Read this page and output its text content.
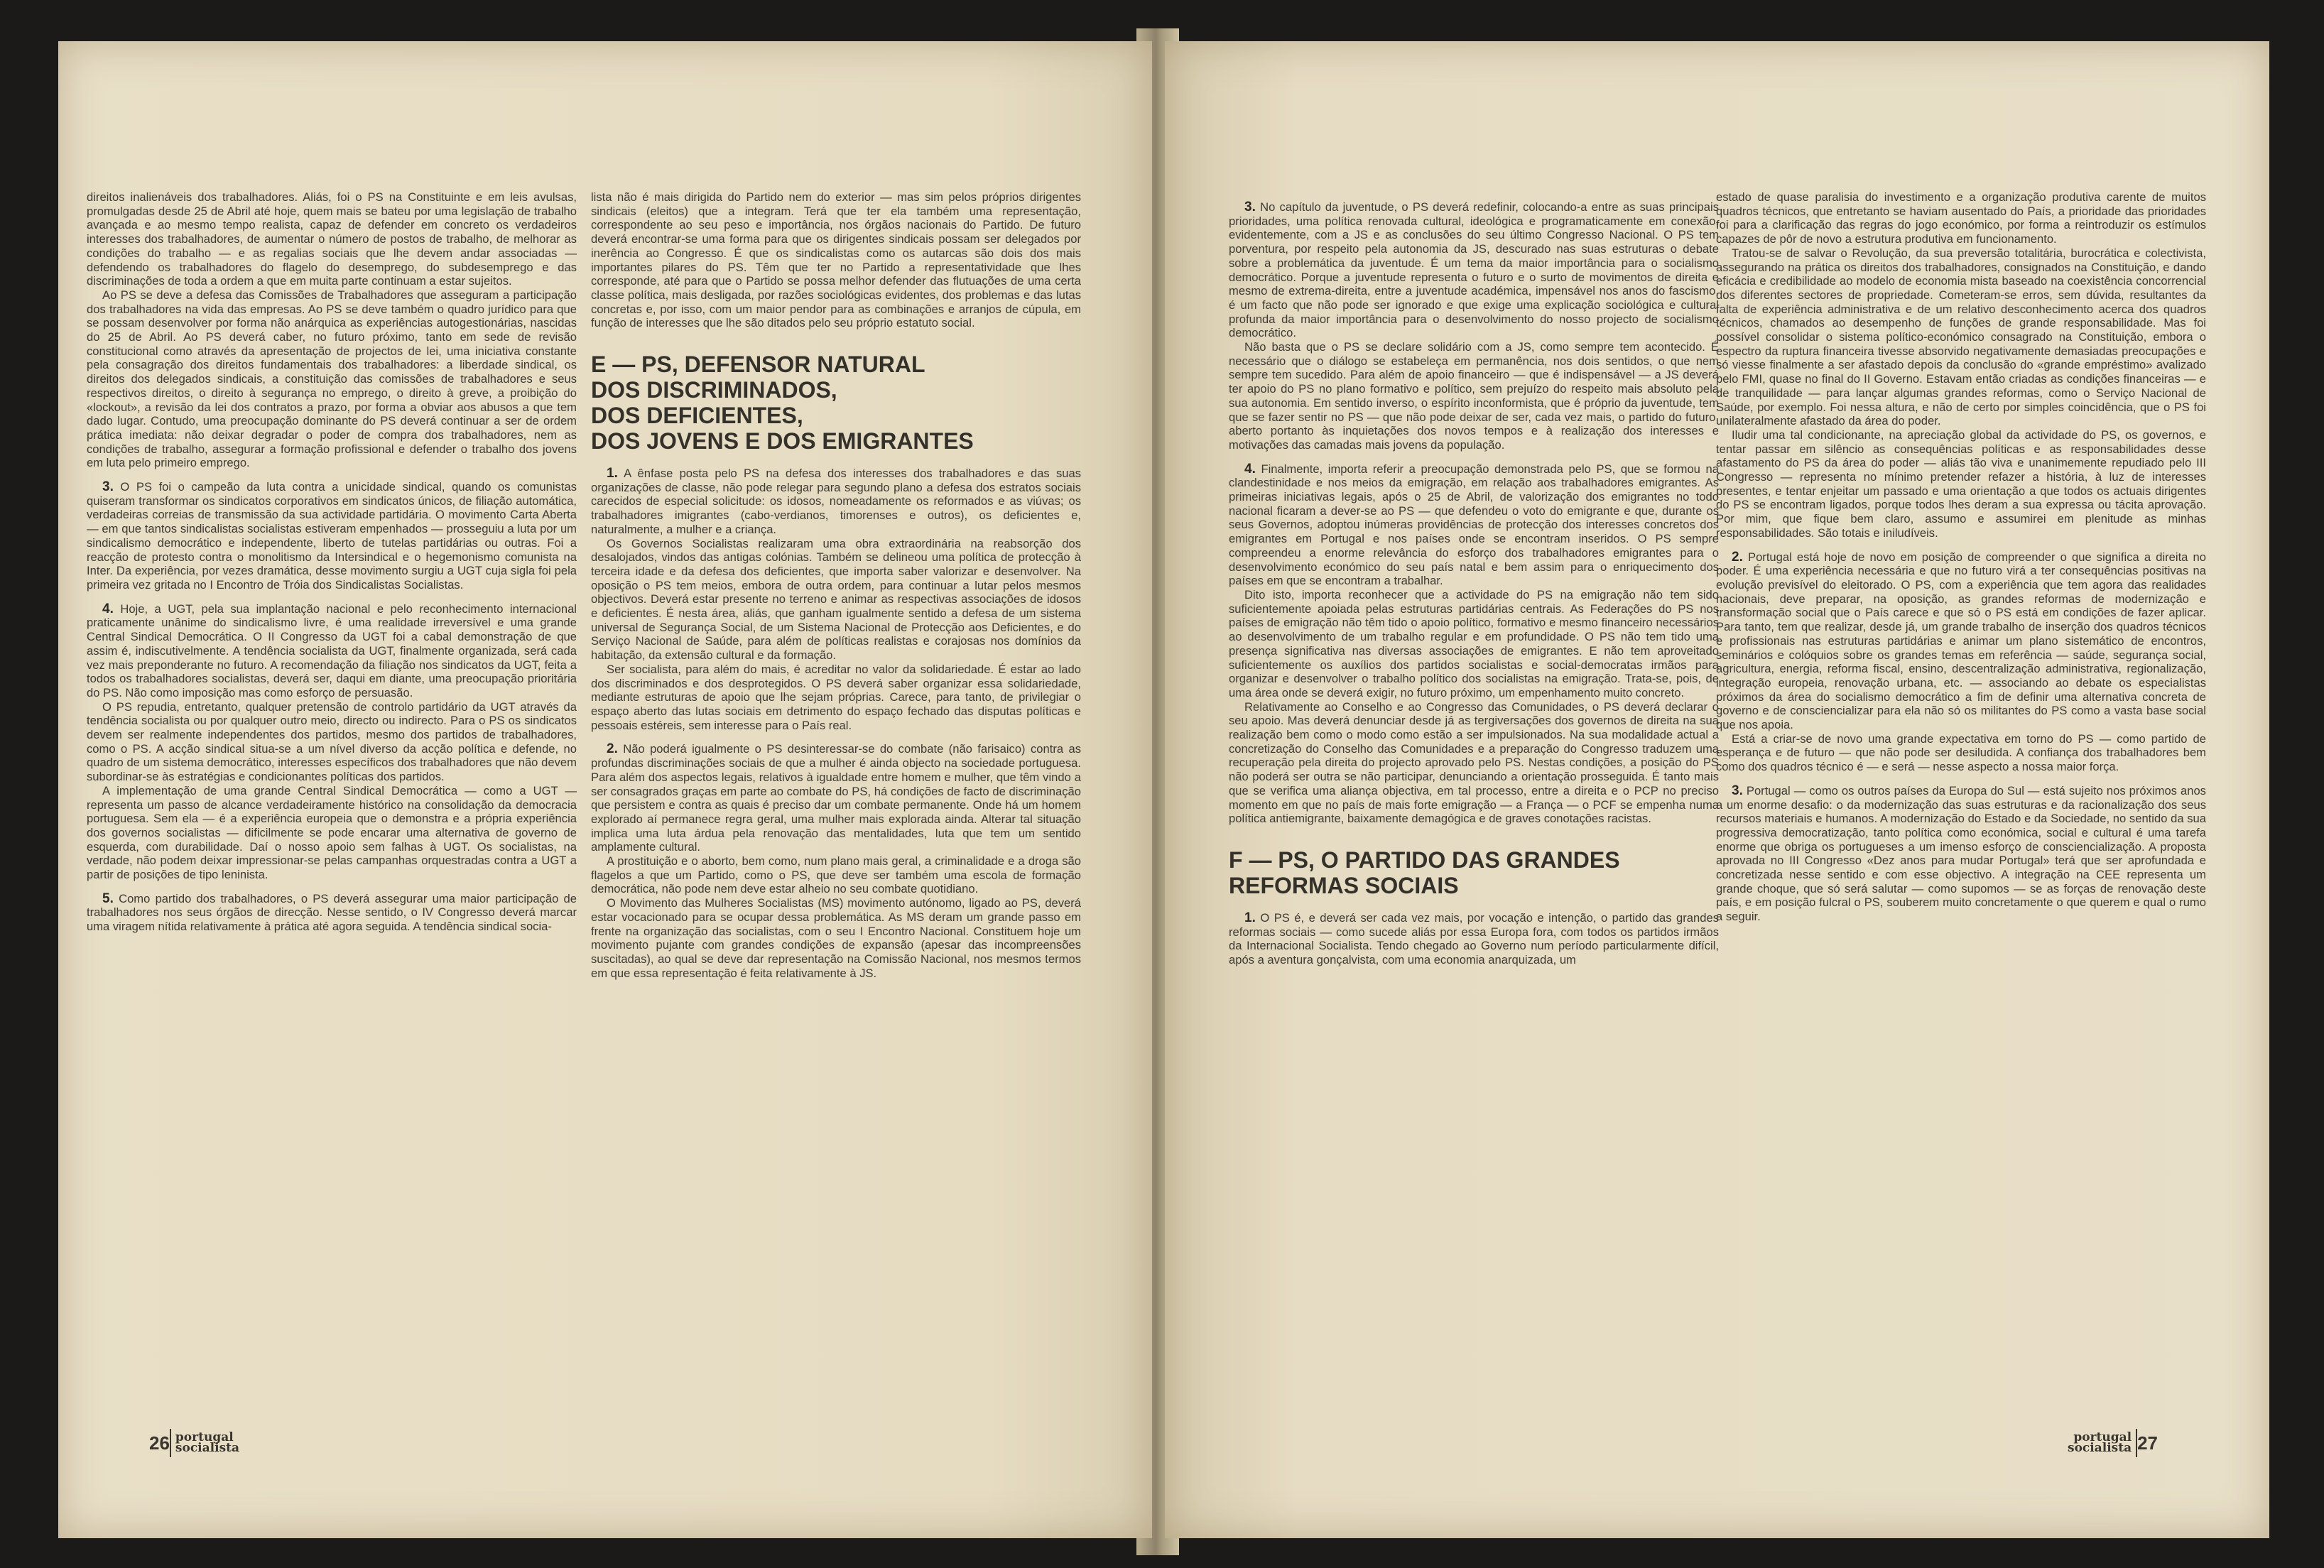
direitos inalienáveis dos trabalhadores. Aliás, foi o PS na Constituinte e em leis avulsas, promulgadas desde 25 de Abril até hoje, quem mais se bateu por uma legislação de trabalho avançada e ao mesmo tempo realista, capaz de defender em concreto os verdadeiros interesses dos trabalhadores, de aumentar o número de postos de trabalho, de melhorar as condições do trabalho — e as regalias sociais que lhe devem andar associadas — defendendo os trabalhadores do flagelo do desemprego, do subdesemprego e das discriminações de toda a ordem a que em muita parte continuam a estar sujeitos.

Ao PS se deve a defesa das Comissões de Trabalhadores que asseguram a participação dos trabalhadores na vida das empresas. Ao PS se deve também o quadro jurídico para que se possam desenvolver por forma não anárquica as experiências autogestionárias, nascidas do 25 de Abril. Ao PS deverá caber, no futuro próximo, tanto em sede de revisão constitucional como através da apresentação de projectos de lei, uma iniciativa constante pela consagração dos direitos fundamentais dos trabalhadores: a liberdade sindical, os direitos dos delegados sindicais, a constituição das comissões de trabalhadores e seus respectivos direitos, o direito à segurança no emprego, o direito à greve, a proibição do «lockout», a revisão da lei dos contratos a prazo, por forma a obviar aos abusos a que tem dado lugar. Contudo, uma preocupação dominante do PS deverá continuar a ser de ordem prática imediata: não deixar degradar o poder de compra dos trabalhadores, nem as condições de trabalho, assegurar a formação profissional e defender o trabalho dos jovens em luta pelo primeiro emprego.

3. O PS foi o campeão da luta contra a unicidade sindical, quando os comunistas quiseram transformar os sindicatos corporativos em sindicatos únicos, de filiação automática, verdadeiras correias de transmissão da sua actividade partidária. O movimento Carta Aberta — em que tantos sindicalistas socialistas estiveram empenhados — prosseguiu a luta por um sindicalismo democrático e independente, liberto de tutelas partidárias ou outras. Foi a reacção de protesto contra o monolitismo da Intersindical e o hegemonismo comunista na Inter. Da experiência, por vezes dramática, desse movimento surgiu a UGT cuja sigla foi pela primeira vez gritada no I Encontro de Tróia dos Sindicalistas Socialistas.

4. Hoje, a UGT, pela sua implantação nacional e pelo reconhecimento internacional praticamente unânime do sindicalismo livre, é uma realidade irreversível e uma grande Central Sindical Democrática. O II Congresso da UGT foi a cabal demonstração de que assim é, indiscutivelmente. A tendência socialista da UGT, finalmente organizada, será cada vez mais preponderante no futuro. A recomendação da filiação nos sindicatos da UGT, feita a todos os trabalhadores socialistas, deverá ser, daqui em diante, uma preocupação prioritária do PS. Não como imposição mas como esforço de persuasão.

O PS repudia, entretanto, qualquer pretensão de controlo partidário da UGT através da tendência socialista ou por qualquer outro meio, directo ou indirecto. Para o PS os sindicatos devem ser realmente independentes dos partidos, mesmo dos partidos de trabalhadores, como o PS. A acção sindical situa-se a um nível diverso da acção política e defende, no quadro de um sistema democrático, interesses específicos dos trabalhadores que não devem subordinar-se às estratégias e condicionantes políticas dos partidos.

A implementação de uma grande Central Sindical Democrática — como a UGT — representa um passo de alcance verdadeiramente histórico na consolidação da democracia portuguesa. Sem ela — é a experiência europeia que o demonstra e a própria experiência dos governos socialistas — dificilmente se pode encarar uma alternativa de governo de esquerda, com durabilidade. Daí o nosso apoio sem falhas à UGT. Os socialistas, na verdade, não podem deixar impressionar-se pelas campanhas orquestradas contra a UGT a partir de posições de tipo leninista.

5. Como partido dos trabalhadores, o PS deverá assegurar uma maior participação de trabalhadores nos seus órgãos de direcção. Nesse sentido, o IV Congresso deverá marcar uma viragem nítida relativamente à prática até agora seguida. A tendência sindical socia-

lista não é mais dirigida do Partido nem do exterior — mas sim pelos próprios dirigentes sindicais (eleitos) que a integram. Terá que ter ela também uma representação, correspondente ao seu peso e importância, nos órgãos nacionais do Partido. De futuro deverá encontrar-se uma forma para que os dirigentes sindicais possam ser delegados por inerência ao Congresso. É que os sindicalistas como os autarcas são dois dos mais importantes pilares do PS. Têm que ter no Partido a representatividade que lhes corresponde, até para que o Partido se possa melhor defender das flutuações de uma certa classe política, mais desligada, por razões sociológicas evidentes, dos problemas e das lutas concretas e, por isso, com um maior pendor para as combinações e arranjos de cúpula, em função de interesses que lhe são ditados pelo seu próprio estatuto social.

E — PS, DEFENSOR NATURAL
DOS DISCRIMINADOS,
DOS DEFICIENTES,
DOS JOVENS E DOS EMIGRANTES

1. A ênfase posta pelo PS na defesa dos interesses dos trabalhadores e das suas organizações de classe, não pode relegar para segundo plano a defesa dos estratos sociais carecidos de especial solicitude: os idosos, nomeadamente os reformados e as viúvas; os trabalhadores imigrantes (cabo-verdianos, timorenses e outros), os deficientes e, naturalmente, a mulher e a criança.

Os Governos Socialistas realizaram uma obra extraordinária na reabsorção dos desalojados, vindos das antigas colónias. Também se delineou uma política de protecção à terceira idade e da defesa dos deficientes, que importa saber valorizar e desenvolver. Na oposição o PS tem meios, embora de outra ordem, para continuar a lutar pelos mesmos objectivos. Deverá estar presente no terreno e animar as respectivas associações de idosos e deficientes. É nesta área, aliás, que ganham igualmente sentido a defesa de um sistema universal de Segurança Social, de um Sistema Nacional de Protecção aos Deficientes, e do Serviço Nacional de Saúde, para além de políticas realistas e corajosas nos domínios da habitação, da extensão cultural e da formação.

Ser socialista, para além do mais, é acreditar no valor da solidariedade. É estar ao lado dos discriminados e dos desprotegidos. O PS deverá saber organizar essa solidariedade, mediante estruturas de apoio que lhe sejam próprias. Carece, para tanto, de privilegiar o espaço aberto das lutas sociais em detrimento do espaço fechado das disputas políticas e pessoais estéreis, sem interesse para o País real.

2. Não poderá igualmente o PS desinteressar-se do combate (não farisaico) contra as profundas discriminações sociais de que a mulher é ainda objecto na sociedade portuguesa. Para além dos aspectos legais, relativos à igualdade entre homem e mulher, que têm vindo a ser consagrados graças em parte ao combate do PS, há condições de facto de discriminação que persistem e contra as quais é preciso dar um combate permanente. Onde há um homem explorado aí permanece regra geral, uma mulher mais explorada ainda. Alterar tal situação implica uma luta árdua pela renovação das mentalidades, luta que tem um sentido amplamente cultural.

A prostituição e o aborto, bem como, num plano mais geral, a criminalidade e a droga são flagelos a que um Partido, como o PS, que deve ser também uma escola de formação democrática, não pode nem deve estar alheio no seu combate quotidiano.

O Movimento das Mulheres Socialistas (MS) movimento autónomo, ligado ao PS, deverá estar vocacionado para se ocupar dessa problemática. As MS deram um grande passo em frente na organização das socialistas, com o seu I Encontro Nacional. Constituem hoje um movimento pujante com grandes condições de expansão (apesar das incompreensões suscitadas), ao qual se deve dar representação na Comissão Nacional, nos mesmos termos em que essa representação é feita relativamente à JS.

3. No capítulo da juventude, o PS deverá redefinir, colocando-a entre as suas principais prioridades, uma política renovada cultural, ideológica e programaticamente em conexão, evidentemente, com a JS e as conclusões do seu último Congresso Nacional. O PS tem porventura, por respeito pela autonomia da JS, descurado nas suas estruturas o debate sobre a problemática da juventude. É um tema da maior importância para o socialismo democrático. Porque a juventude representa o futuro e o surto de movimentos de direita e mesmo de extrema-direita, entre a juventude académica, impensável nos anos do fascismo, é um facto que não pode ser ignorado e que exige uma explicação sociológica e cultural profunda da maior importância para o desenvolvimento do nosso projecto de socialismo democrático.

Não basta que o PS se declare solidário com a JS, como sempre tem acontecido. É necessário que o diálogo se estabeleça em permanência, nos dois sentidos, o que nem sempre tem sucedido. Para além de apoio financeiro — que é indispensável — a JS deverá ter apoio do PS no plano formativo e político, sem prejuízo do respeito mais absoluto pela sua autonomia. Em sentido inverso, o espírito inconformista, que é próprio da juventude, tem que se fazer sentir no PS — que não pode deixar de ser, cada vez mais, o partido do futuro, aberto portanto às inquietações dos novos tempos e à realização dos interesses e motivações das camadas mais jovens da população.

4. Finalmente, importa referir a preocupação demonstrada pelo PS, que se formou na clandestinidade e nos meios da emigração, em relação aos trabalhadores emigrantes. As primeiras iniciativas legais, após o 25 de Abril, de valorização dos emigrantes no todo nacional ficaram a dever-se ao PS — que defendeu o voto do emigrante e que, durante os seus Governos, adoptou inúmeras providências de protecção dos interesses concretos dos emigrantes em Portugal e nos países onde se encontram inseridos. O PS sempre compreendeu a enorme relevância do esforço dos trabalhadores emigrantes para o desenvolvimento económico do seu país natal e bem assim para o enriquecimento dos países em que se encontram a trabalhar.

Dito isto, importa reconhecer que a actividade do PS na emigração não tem sido suficientemente apoiada pelas estruturas partidárias centrais. As Federações do PS nos países de emigração não têm tido o apoio político, formativo e mesmo financeiro necessários ao desenvolvimento de um trabalho regular e em profundidade. O PS não tem tido uma presença significativa nas diversas associações de emigrantes. E não tem aproveitado suficientemente os auxílios dos partidos socialistas e social-democratas irmãos para organizar e desenvolver o trabalho político dos socialistas na emigração. Trata-se, pois, de uma área onde se deverá exigir, no futuro próximo, um empenhamento muito concreto.

Relativamente ao Conselho e ao Congresso das Comunidades, o PS deverá declarar o seu apoio. Mas deverá denunciar desde já as tergiversações dos governos de direita na sua realização bem como o modo como estão a ser impulsionados. Na sua modalidade actual a concretização do Conselho das Comunidades e a preparação do Congresso traduzem uma recuperação pela direita do projecto aprovado pelo PS. Nestas condições, a posição do PS não poderá ser outra se não participar, denunciando a orientação prosseguida. É tanto mais que se verifica uma aliança objectiva, em tal processo, entre a direita e o PCP no preciso momento em que no país de mais forte emigração — a França — o PCF se empenha numa política antiemigrante, baixamente demagógica e de graves conotações racistas.

F — PS, O PARTIDO DAS GRANDES
REFORMAS SOCIAIS

1. O PS é, e deverá ser cada vez mais, por vocação e intenção, o partido das grandes reformas sociais — como sucede aliás por essa Europa fora, com todos os partidos irmãos da Internacional Socialista. Tendo chegado ao Governo num período particularmente difícil, após a aventura gonçalvista, com uma economia anarquizada, um

estado de quase paralisia do investimento e a organização produtiva carente de muitos quadros técnicos, que entretanto se haviam ausentado do País, a prioridade das prioridades foi para a clarificação das regras do jogo económico, por forma a reintroduzir os estímulos capazes de pôr de novo a estrutura produtiva em funcionamento.

Tratou-se de salvar o Revolução, da sua preversão totalitária, burocrática e colectivista, assegurando na prática os direitos dos trabalhadores, consignados na Constituição, e dando eficácia e credibilidade ao modelo de economia mista baseado na coexistência concorrencial dos diferentes sectores de propriedade. Cometeram-se erros, sem dúvida, resultantes da falta de experiência administrativa e de um relativo desconhecimento acerca dos quadros técnicos, chamados ao desempenho de funções de grande responsabilidade. Mas foi possível consolidar o sistema político-económico consagrado na Constituição, embora o espectro da ruptura financeira tivesse absorvido negativamente demasiadas preocupações e só viesse finalmente a ser afastado depois da conclusão do «grande empréstimo» avalizado pelo FMI, quase no final do II Governo. Estavam então criadas as condições financeiras — e de tranquilidade — para lançar algumas grandes reformas, como o Serviço Nacional de Saúde, por exemplo. Foi nessa altura, e não de certo por simples coincidência, que o PS foi unilateralmente afastado da área do poder.

Iludir uma tal condicionante, na apreciação global da actividade do PS, os governos, e tentar passar em silêncio as consequências políticas e as responsabilidades desse afastamento do PS da área do poder — aliás tão viva e unanimemente repudiado pelo III Congresso — representa no mínimo pretender refazer a história, à luz de interesses presentes, e tentar enjeitar um passado e uma orientação a que todos os actuais dirigentes do PS se encontram ligados, porque todos lhes deram a sua expressa ou tácita aprovação. Por mim, que fique bem claro, assumo e assumirei em plenitude as minhas responsabilidades. São totais e iniludíveis.

2. Portugal está hoje de novo em posição de compreender o que significa a direita no poder. É uma experiência necessária e que no futuro virá a ter consequências positivas na evolução previsível do eleitorado. O PS, com a experiência que tem agora das realidades nacionais, deve preparar, na oposição, as grandes reformas de modernização e transformação social que o País carece e que só o PS está em condições de fazer aplicar. Para tanto, tem que realizar, desde já, um grande trabalho de inserção dos quadros técnicos e profissionais nas estruturas partidárias e animar um plano sistemático de encontros, seminários e colóquios sobre os grandes temas em referência — saúde, segurança social, agricultura, energia, reforma fiscal, ensino, descentralização administrativa, regionalização, integração europeia, renovação urbana, etc. — associando ao debate os especialistas próximos da área do socialismo democrático a fim de definir uma alternativa concreta de governo e de consciencializar para ela não só os militantes do PS como a vasta base social que nos apoia.

Está a criar-se de novo uma grande expectativa em torno do PS — como partido de esperança e de futuro — que não pode ser desiludida. A confiança dos trabalhadores bem como dos quadros técnico é — e será — nesse aspecto a nossa maior força.

3. Portugal — como os outros países da Europa do Sul — está sujeito nos próximos anos a um enorme desafio: o da modernização das suas estruturas e da racionalização dos seus recursos materiais e humanos. A modernização do Estado e da Sociedade, no sentido da sua progressiva democratização, tanto política como económica, social e cultural é uma tarefa enorme que obriga os portugueses a um imenso esforço de consciencialização. A proposta aprovada no III Congresso «Dez anos para mudar Portugal» terá que ser aprofundada e concretizada nesse sentido e com esse objectivo. A integração na CEE representa um grande choque, que só será salutar — como supomos — se as forças de renovação deste país, e em posição fulcral o PS, souberem muito concretamente o que querem e qual o rumo a seguir.

26 portugal
socialista
portugal
socialista 27
